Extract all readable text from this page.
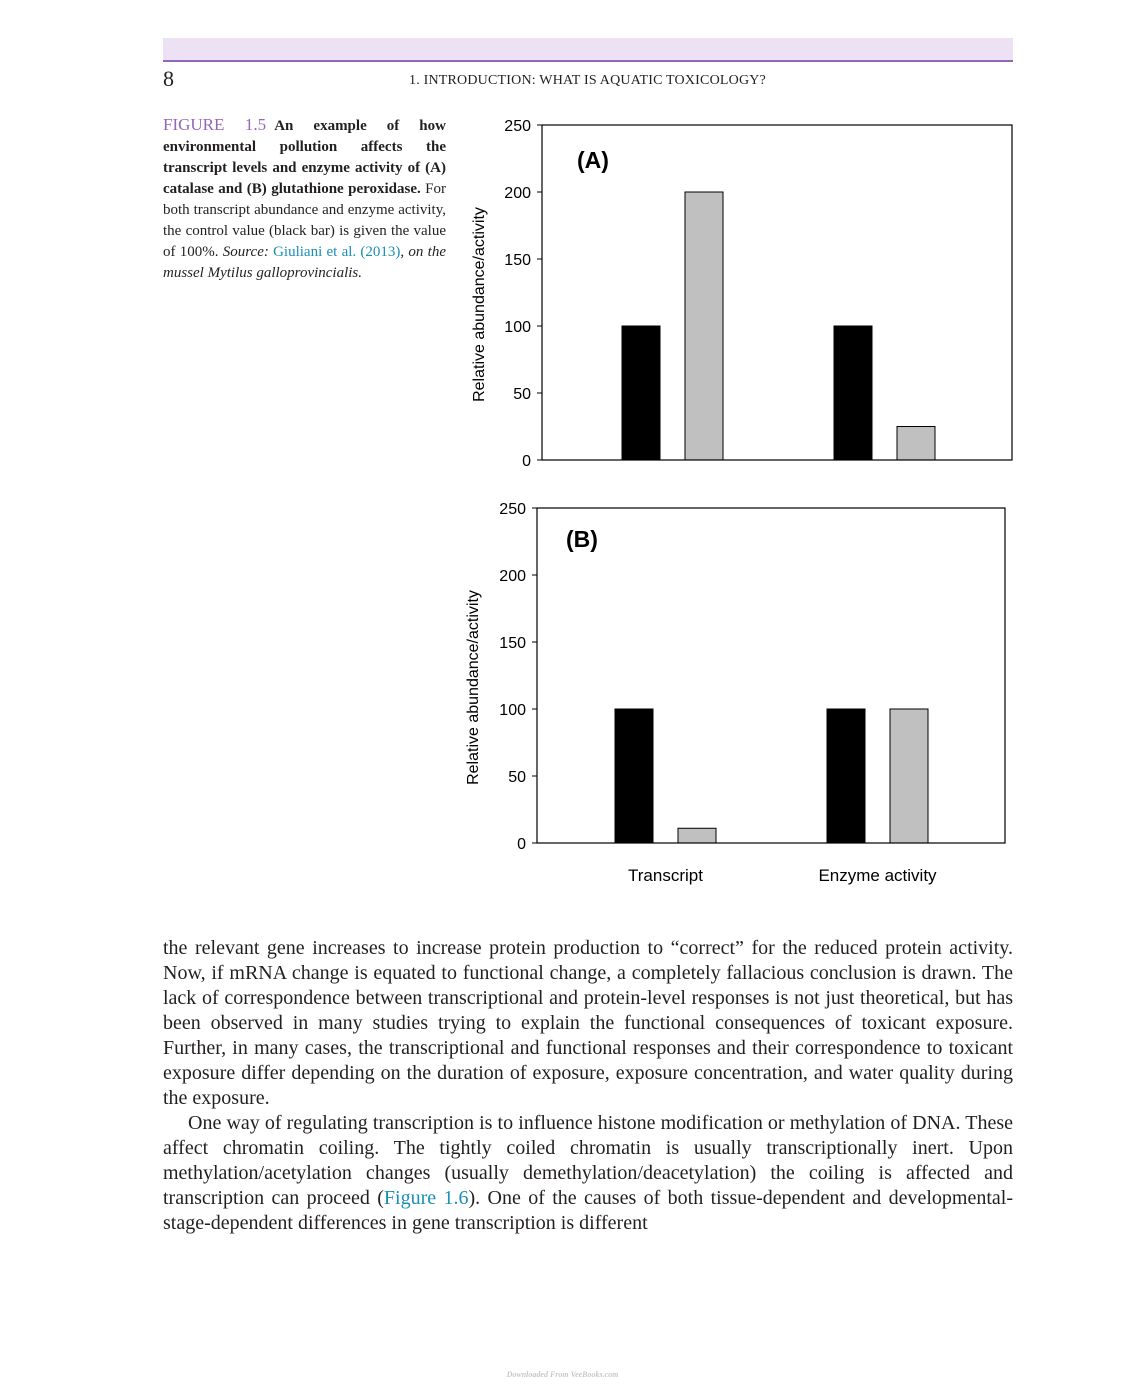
8	1. INTRODUCTION: WHAT IS AQUATIC TOXICOLOGY?
FIGURE 1.5 An example of how environmental pollution affects the transcript levels and enzyme activity of (A) catalase and (B) glutathione peroxidase. For both transcript abundance and enzyme activity, the control value (black bar) is given the value of 100%. Source: Giuliani et al. (2013), on the mussel Mytilus galloprovincialis.
0
50
100
150
200
250
Relative abundance/activity
(A)
0
50
100
150
200
250
Relative abundance/activity
(B)
Transcript	Enzyme activity

the relevant gene increases to increase protein production to “correct” for the reduced protein activity. Now, if mRNA change is equated to functional change, a completely fallacious conclusion is drawn. The lack of correspondence between transcriptional and protein-level responses is not just theoretical, but has been observed in many studies trying to explain the functional consequences of toxicant exposure. Further, in many cases, the transcriptional and functional responses and their correspondence to toxicant exposure differ depending on the duration of exposure, exposure concentration, and water quality during the exposure.

One way of regulating transcription is to influence histone modification or methylation of DNA. These affect chromatin coiling. The tightly coiled chromatin is usually transcriptionally inert. Upon methylation/acetylation changes (usually demethylation/deacetylation) the coiling is affected and transcription can proceed (Figure 1.6). One of the causes of both tissue-dependent and developmental-stage-dependent differences in gene transcription is different

Downloaded From VeeBooks.com
